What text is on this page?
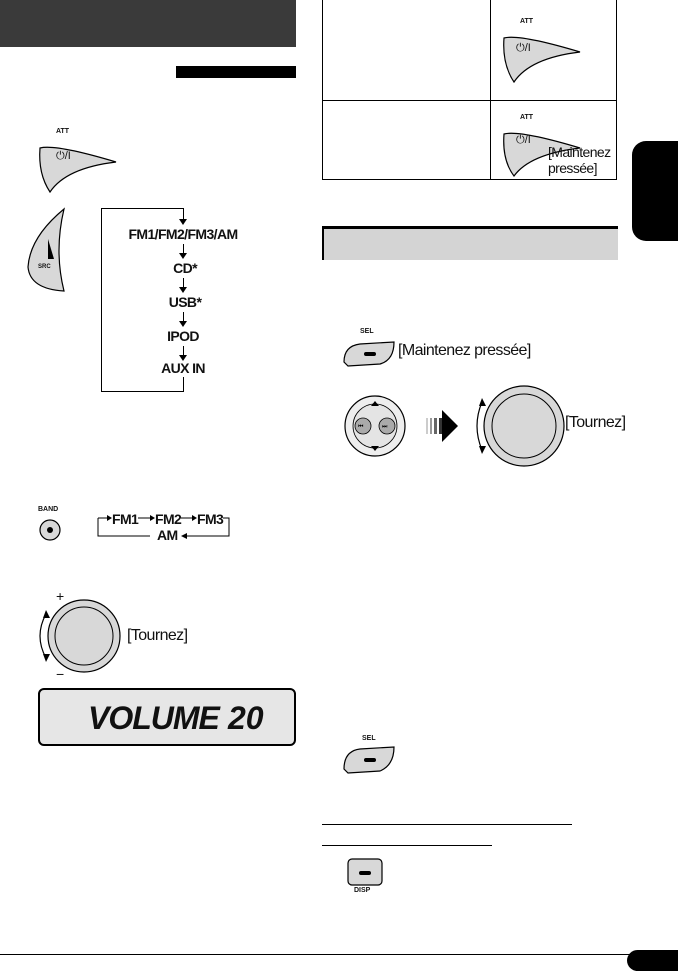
ATT
⏻/I
SRC
FM1/FM2/FM3/AM
CD*
USB*
IPOD
AUX IN
BAND
FM1 FM2 FM3
AM
+
−
[Tournez]
VOLUME 20
ATT
⏻/I
ATT
⏻/I
[Maintenez
pressée]
SEL
[Maintenez pressée]
⏮	⏭	[Tournez]
SEL
DISP
